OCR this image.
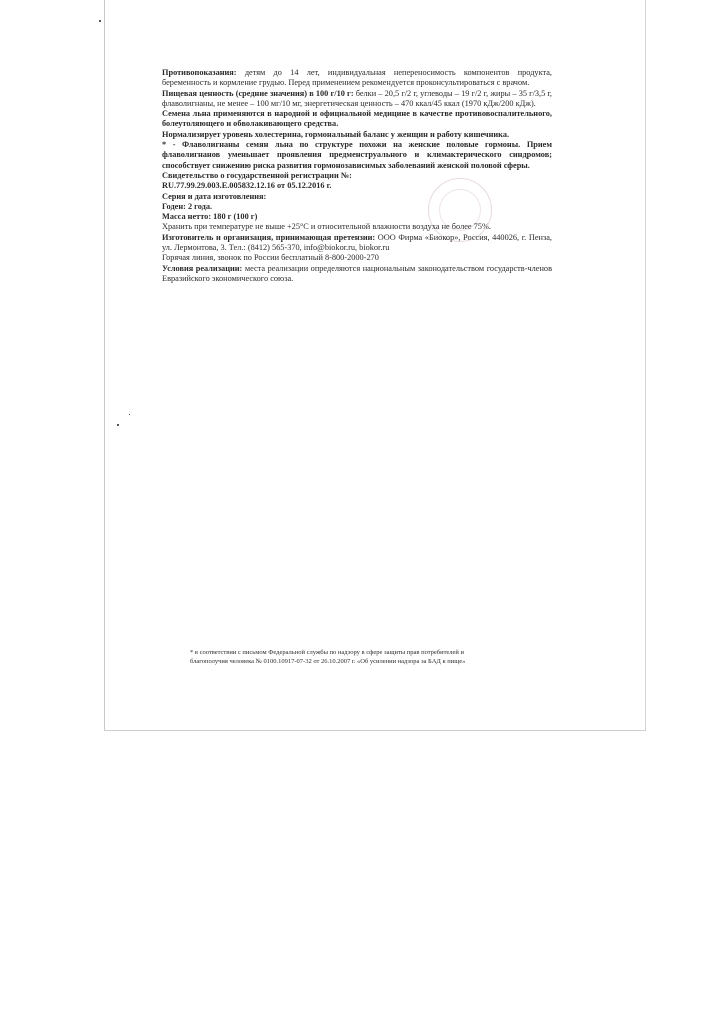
Противопоказания: детям до 14 лет, индивидуальная непереносимость компонентов продукта, беременность и кормление грудью. Перед применением рекомендуется проконсультироваться с врачом.

Пищевая ценность (средние значения) в 100 г/10 г: белки – 20,5 г/2 г, углеводы – 19 г/2 г, жиры – 35 г/3,5 г, флаволигнаны, не менее – 100 мг/10 мг, энергетическая ценность – 470 ккал/45 ккал (1970 кДж/200 кДж).

Семена льна применяются в народной и официальной медицине в качестве противовоспалительного, болеутоляющего и обволакивающего средства.

Нормализирует уровень холестерина, гормональный баланс у женщин и работу кишечника.

* - Флаволигнаны семян льна по структуре похожи на женские половые гормоны. Прием флаволигнанов уменьшает проявления предменструального и климактерического синдромов; способствует снижению риска развития гормонозависимых заболеваний женской половой сферы.

Свидетельство о государственной регистрации №:

RU.77.99.29.003.Е.005832.12.16 от 05.12.2016 г.

Серия и дата изготовления:

Годен: 2 года.

Масса нетто: 180 г (100 г)

Хранить при температуре не выше +25°С и относительной влажности воздуха не более 75%.

Изготовитель и организация, принимающая претензии: ООО Фирма «Биокор», Россия, 440026, г. Пенза, ул. Лермонтова, 3. Тел.: (8412) 565-370, info@biokor.ru, biokor.ru

Горячая линия, звонок по России бесплатный 8-800-2000-270

Условия реализации: места реализации определяются национальным законодательством государств-членов Евразийского экономического союза.

* в соответствии с письмом Федеральной службы по надзору в сфере защиты прав потребителей и

благополучия человека № 0100.10917-07-32 от 26.10.2007 г. «Об усилении надзора за БАД к пище»
